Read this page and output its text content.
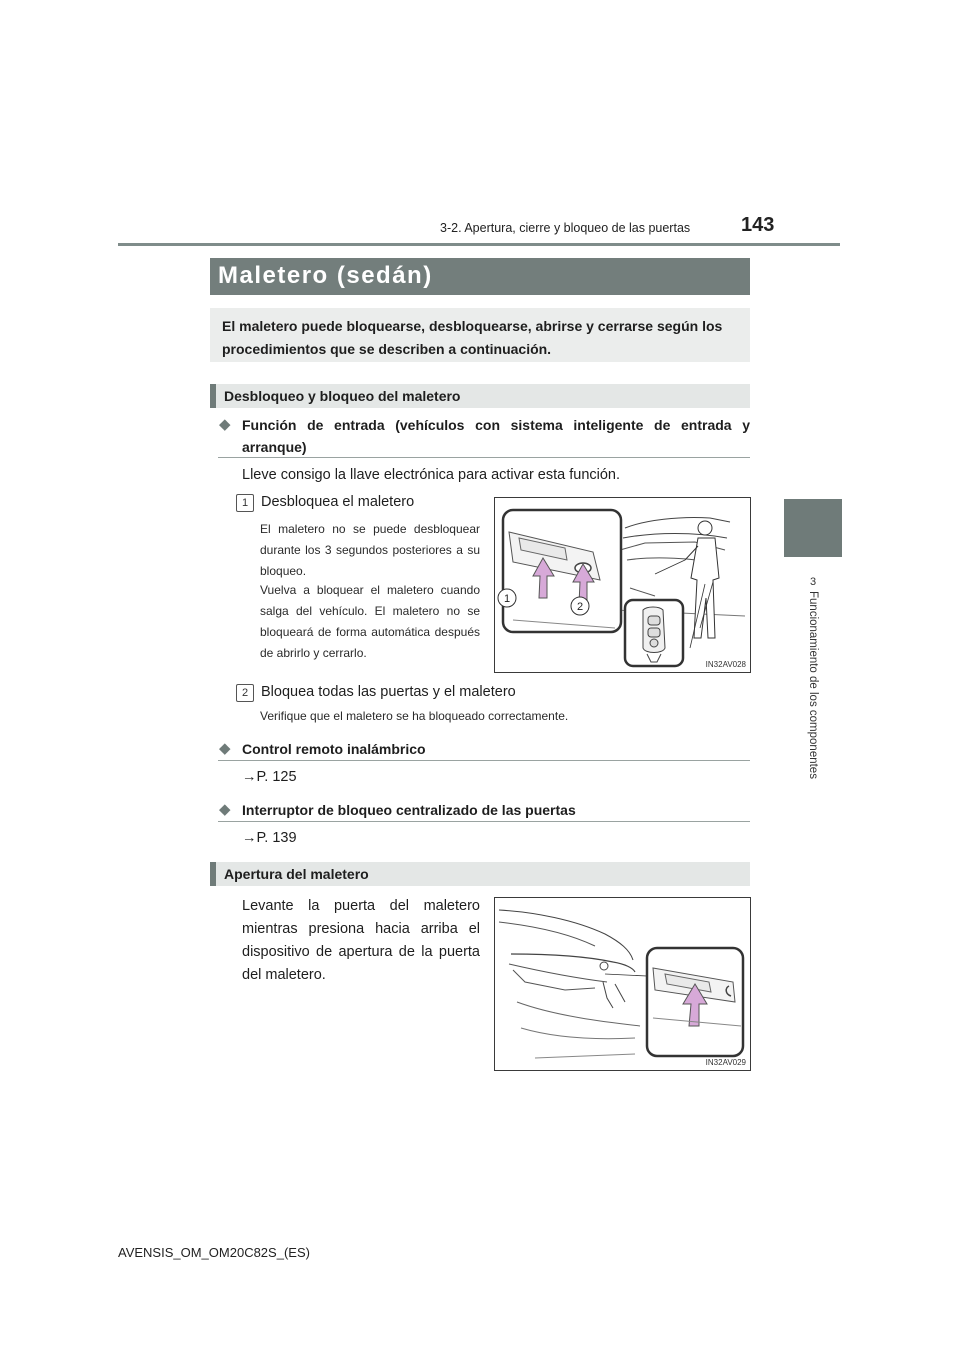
3-2. Apertura, cierre y bloqueo de las puertas	143
3
Funcionamiento de los componentes
Maletero (sedán)
El maletero puede bloquearse, desbloquearse, abrirse y cerrarse según los procedimientos que se describen a continuación.
Desbloqueo y bloqueo del maletero
◆ Función de entrada (vehículos con sistema inteligente de entrada y arranque)
Lleve consigo la llave electrónica para activar esta función.
1 Desbloquea el maletero
El maletero no se puede desbloquear durante los 3 segundos posteriores a su bloqueo.
Vuelva a bloquear el maletero cuando salga del vehículo. El maletero no se bloqueará de forma automática después de abrirlo y cerrarlo.
1
2
IN32AV028
2 Bloquea todas las puertas y el maletero
Verifique que el maletero se ha bloqueado correctamente.
◆ Control remoto inalámbrico
→P. 125
◆ Interruptor de bloqueo centralizado de las puertas
→P. 139
Apertura del maletero
Levante la puerta del maletero mientras presiona hacia arriba el dispositivo de apertura de la puerta del maletero.
IN32AV029
AVENSIS_OM_OM20C82S_(ES)
